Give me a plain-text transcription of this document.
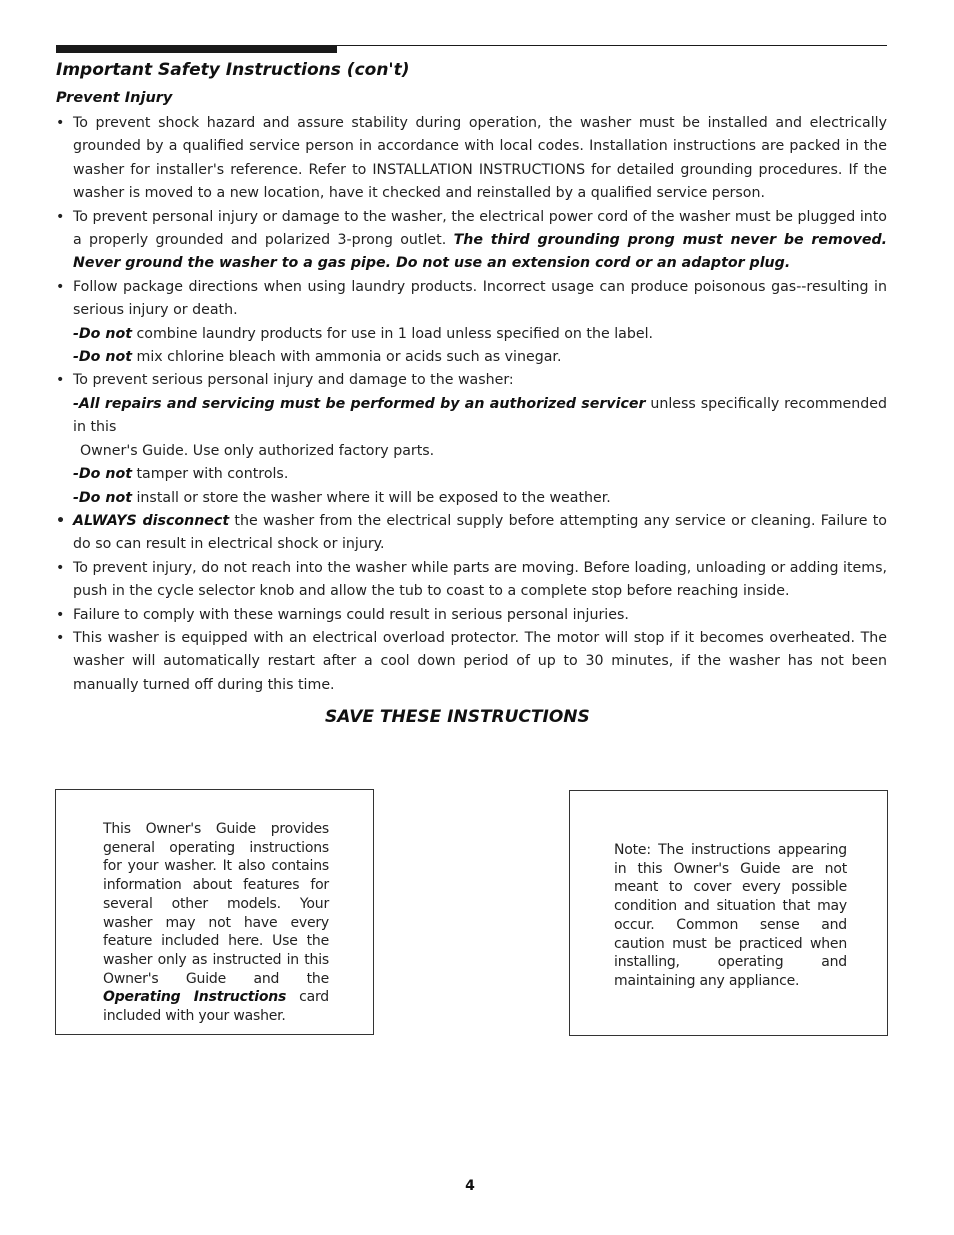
Important Safety Instructions (con't)
Prevent Injury
• To prevent shock hazard and assure stability during operation, the washer must be installed and electrically grounded by a qualified service person in accordance with local codes. Installation instructions are packed in the washer for installer's reference. Refer to INSTALLATION INSTRUCTIONS for detailed grounding procedures. If the washer is moved to a new location, have it checked and reinstalled by a qualified service person.
• To prevent personal injury or damage to the washer, the electrical power cord of the washer must be plugged into a properly grounded and polarized 3-prong outlet. The third grounding prong must never be removed. Never ground the washer to a gas pipe. Do not use an extension cord or an adaptor plug.
• Follow package directions when using laundry products. Incorrect usage can produce poisonous gas--resulting in serious injury or death.
-Do not combine laundry products for use in 1 load unless specified on the label.
-Do not mix chlorine bleach with ammonia or acids such as vinegar.
• To prevent serious personal injury and damage to the washer:
-All repairs and servicing must be performed by an authorized servicer unless specifically recommended in this
Owner's Guide. Use only authorized factory parts.
-Do not tamper with controls.
-Do not install or store the washer where it will be exposed to the weather.
• ALWAYS disconnect the washer from the electrical supply before attempting any service or cleaning. Failure to do so can result in electrical shock or injury.
• To prevent injury, do not reach into the washer while parts are moving. Before loading, unloading or adding items, push in the cycle selector knob and allow the tub to coast to a complete stop before reaching inside.
• Failure to comply with these warnings could result in serious personal injuries.
• This washer is equipped with an electrical overload protector. The motor will stop if it becomes overheated. The washer will automatically restart after a cool down period of up to 30 minutes, if the washer has not been manually turned off during this time.
SAVE THESE INSTRUCTIONS
This Owner's Guide provides general operating instructions for your washer. It also contains information about features for several other models. Your washer may not have every feature included here. Use the washer only as instructed in this Owner's Guide and the Operating Instructions card included with your washer.
Note: The instructions appearing in this Owner's Guide are not meant to cover every possible condition and situation that may occur. Common sense and caution must be practiced when installing, operating and maintaining any appliance.
4
